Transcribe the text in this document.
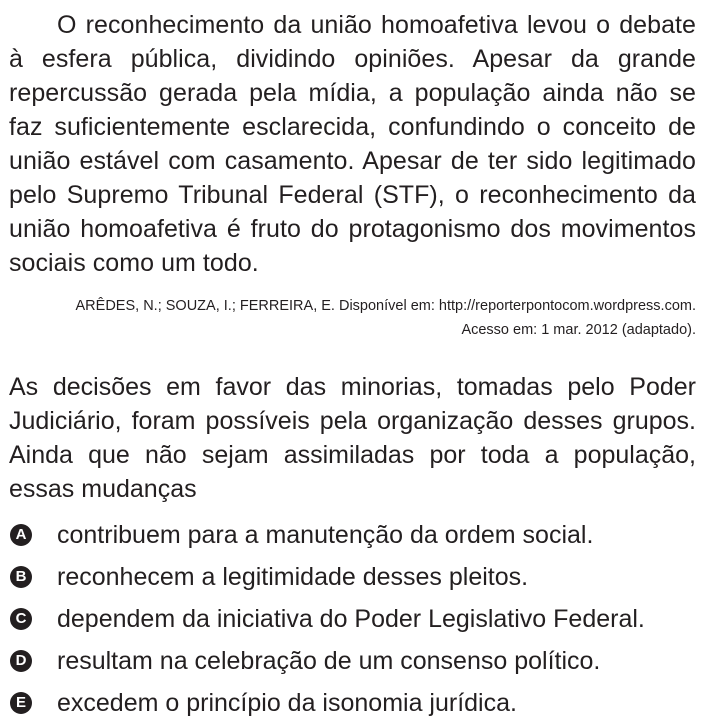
O reconhecimento da união homoafetiva levou o debate à esfera pública, dividindo opiniões. Apesar da grande repercussão gerada pela mídia, a população ainda não se faz suficientemente esclarecida, confundindo o conceito de união estável com casamento. Apesar de ter sido legitimado pelo Supremo Tribunal Federal (STF), o reconhecimento da união homoafetiva é fruto do protagonismo dos movimentos sociais como um todo.

ARÊDES, N.; SOUZA, I.; FERREIRA, E. Disponível em: http://reporterpontocom.wordpress.com.
Acesso em: 1 mar. 2012 (adaptado).

As decisões em favor das minorias, tomadas pelo Poder Judiciário, foram possíveis pela organização desses grupos. Ainda que não sejam assimiladas por toda a população, essas mudanças

A contribuem para a manutenção da ordem social.
B reconhecem a legitimidade desses pleitos.
C dependem da iniciativa do Poder Legislativo Federal.
D resultam na celebração de um consenso político.
E excedem o princípio da isonomia jurídica.
